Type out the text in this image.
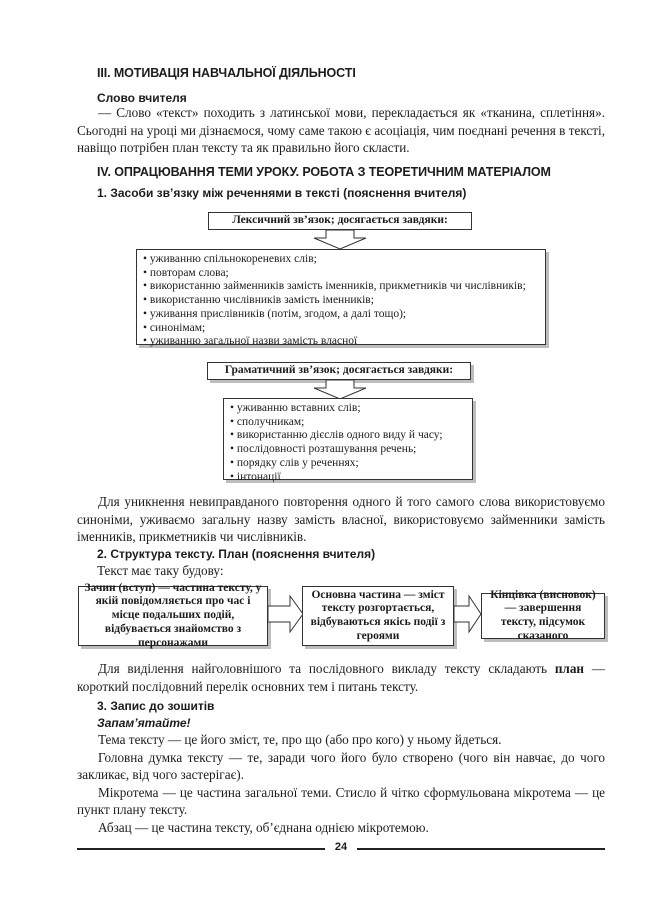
ІІІ. МОТИВАЦІЯ НАВЧАЛЬНОЇ ДІЯЛЬНОСТІ
Слово вчителя
— Слово «текст» походить з латинської мови, перекладається як «тканина, сплетіння». Сьогодні на уроці ми дізнаємося, чому саме такою є асоціація, чим поєднані речення в тексті, навіщо потрібен план тексту та як правильно його скласти.
IV. ОПРАЦЮВАННЯ ТЕМИ УРОКУ. РОБОТА З ТЕОРЕТИЧНИМ МАТЕРІАЛОМ
1. Засоби зв’язку між реченнями в тексті (пояснення вчителя)
Лексичний зв’язок; досягається завдяки:
• уживанню спільнокореневих слів;
• повторам слова;
• використанню займенників замість іменників, прикметників чи числівників;
• використанню числівників замість іменників;
• уживання прислівників (потім, згодом, а далі тощо);
• синонімам;
• уживанню загальної назви замість власної
Граматичний зв’язок; досягається завдяки:
• уживанню вставних слів;
• сполучникам;
• використанню дієслів одного виду й часу;
• послідовності розташування речень;
• порядку слів у реченнях;
• інтонації
Для уникнення невиправданого повторення одного й того самого слова використовуємо синоніми, уживаємо загальну назву замість власної, використовуємо займенники замість іменників, прикметників чи числівників.
2. Структура тексту. План (пояснення вчителя)
Текст має таку будову:
Зачин (вступ) — частина тексту, у якій повідомляється про час і місце подальших подій, відбувається знайомство з персонажами
Основна частина — зміст тексту розгортається, відбуваються якісь події з героями
Кінцівка (висновок) — завершення тексту, підсумок сказаного
Для виділення найголовнішого та послідовного викладу тексту складають план — короткий послідовний перелік основних тем і питань тексту.
3. Запис до зошитів
Запам’ятайте!

Тема тексту — це його зміст, те, про що (або про кого) у ньому йдеться.

Головна думка тексту — те, заради чого його було створено (чого він навчає, до чого закликає, від чого застерігає).

Мікротема — це частина загальної теми. Стисло й чітко сформульована мікротема — це пункт плану тексту.

Абзац — це частина тексту, об’єднана однією мікротемою.

24
